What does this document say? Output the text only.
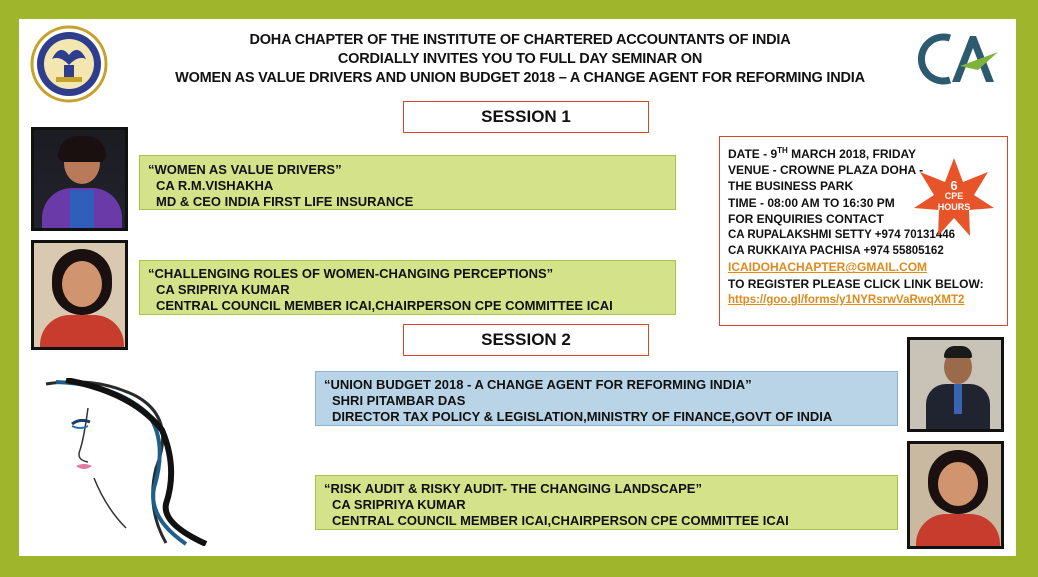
DOHA CHAPTER OF THE INSTITUTE OF CHARTERED ACCOUNTANTS OF INDIA
CORDIALLY INVITES YOU TO FULL DAY SEMINAR ON
WOMEN AS VALUE DRIVERS AND UNION BUDGET 2018 – A CHANGE AGENT FOR REFORMING INDIA
SESSION 1
“WOMEN AS VALUE DRIVERS”
CA R.M.VISHAKHA
MD & CEO INDIA FIRST LIFE INSURANCE
“CHALLENGING ROLES OF WOMEN-CHANGING PERCEPTIONS”
CA SRIPRIYA KUMAR
CENTRAL COUNCIL MEMBER ICAI,CHAIRPERSON CPE COMMITTEE ICAI
DATE - 9TH MARCH 2018, FRIDAY
VENUE - CROWNE PLAZA DOHA - THE BUSINESS PARK
TIME - 08:00 AM TO 16:30 PM
FOR ENQUIRIES CONTACT
CA RUPALAKSHMI SETTY +974 70131446
CA RUKKAIYA PACHISA +974 55805162
ICAIDOHACHAPTER@GMAIL.COM
TO REGISTER PLEASE CLICK LINK BELOW:
https://goo.gl/forms/y1NYRsrwVaRwqXMT2
6
CPE
HOURS
SESSION 2
“UNION BUDGET 2018 - A CHANGE AGENT FOR REFORMING INDIA”
SHRI PITAMBAR DAS
DIRECTOR TAX POLICY & LEGISLATION,MINISTRY OF FINANCE,GOVT OF INDIA
“RISK AUDIT & RISKY AUDIT- THE CHANGING LANDSCAPE”
CA SRIPRIYA KUMAR
CENTRAL COUNCIL MEMBER ICAI,CHAIRPERSON CPE COMMITTEE ICAI
